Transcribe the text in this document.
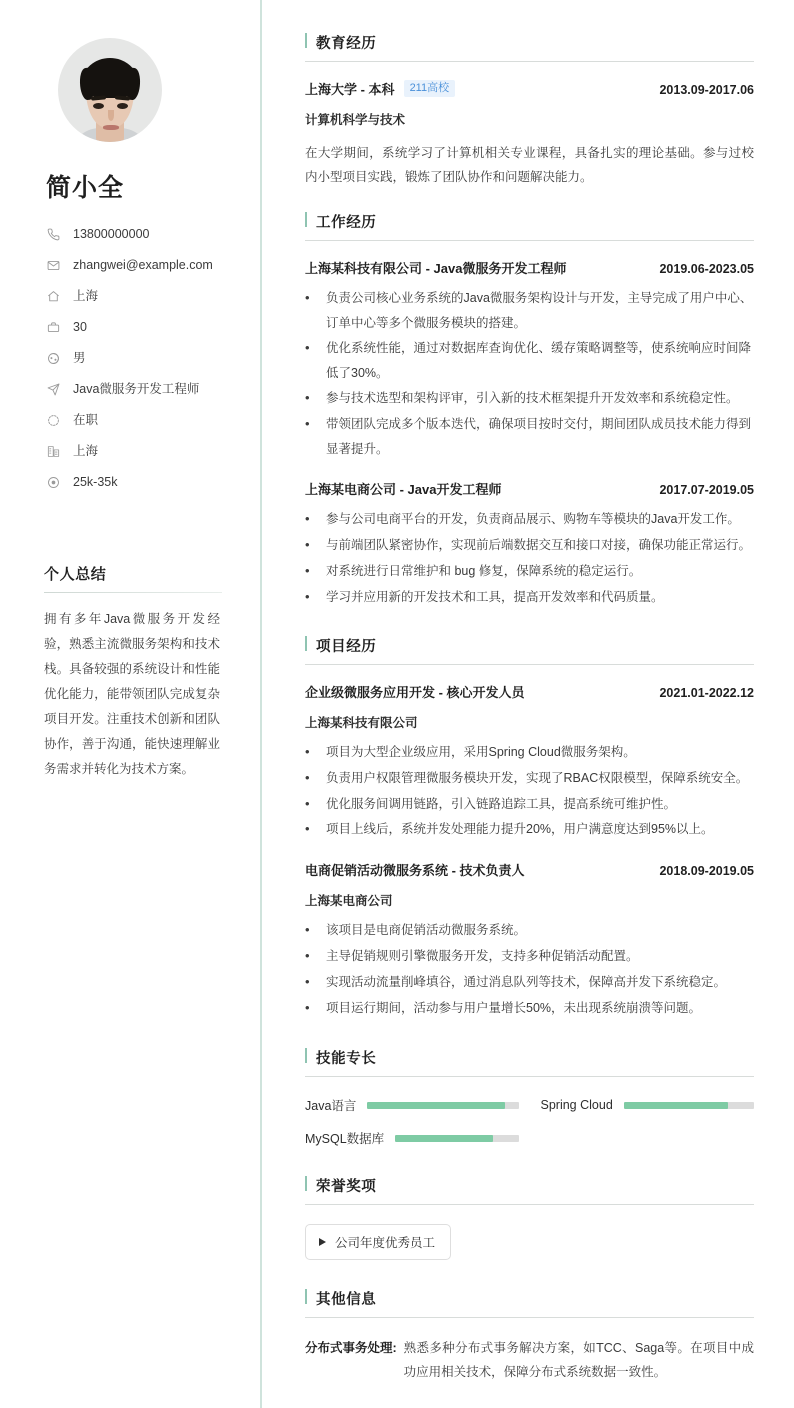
简小全
13800000000
zhangwei@example.com
上海
30
男
Java微服务开发工程师
在职
上海
25k-35k
个人总结

拥有多年Java微服务开发经验，熟悉主流微服务架构和技术栈。具备较强的系统设计和性能优化能力，能带领团队完成复杂项目开发。注重技术创新和团队协作，善于沟通，能快速理解业务需求并转化为技术方案。

教育经历
上海大学 - 本科	211高校	2013.09-2017.06
计算机科学与技术

在大学期间，系统学习了计算机相关专业课程，具备扎实的理论基础。参与过校内小型项目实践，锻炼了团队协作和问题解决能力。

工作经历
上海某科技有限公司 - Java微服务开发工程师	2019.06-2023.05
• 负责公司核心业务系统的Java微服务架构设计与开发，主导完成了用户中心、订单中心等多个微服务模块的搭建。
• 优化系统性能，通过对数据库查询优化、缓存策略调整等，使系统响应时间降低了30%。
• 参与技术选型和架构评审，引入新的技术框架提升开发效率和系统稳定性。
• 带领团队完成多个版本迭代，确保项目按时交付，期间团队成员技术能力得到显著提升。
上海某电商公司 - Java开发工程师	2017.07-2019.05
• 参与公司电商平台的开发，负责商品展示、购物车等模块的Java开发工作。
• 与前端团队紧密协作，实现前后端数据交互和接口对接，确保功能正常运行。
• 对系统进行日常维护和 bug 修复，保障系统的稳定运行。
• 学习并应用新的开发技术和工具，提高开发效率和代码质量。
项目经历
企业级微服务应用开发 - 核心开发人员	2021.01-2022.12
上海某科技有限公司
• 项目为大型企业级应用，采用Spring Cloud微服务架构。
• 负责用户权限管理微服务模块开发，实现了RBAC权限模型，保障系统安全。
• 优化服务间调用链路，引入链路追踪工具，提高系统可维护性。
• 项目上线后，系统并发处理能力提升20%，用户满意度达到95%以上。
电商促销活动微服务系统 - 技术负责人	2018.09-2019.05
上海某电商公司
• 该项目是电商促销活动微服务系统。
• 主导促销规则引擎微服务开发，支持多种促销活动配置。
• 实现活动流量削峰填谷，通过消息队列等技术，保障高并发下系统稳定。
• 项目运行期间，活动参与用户量增长50%，未出现系统崩溃等问题。
技能专长
Java语言	Spring Cloud
MySQL数据库
荣誉奖项
公司年度优秀员工
其他信息
分布式事务处理: 熟悉多种分布式事务解决方案，如TCC、Saga等。在项目中成功应用相关技术，保障分布式系统数据一致性。
